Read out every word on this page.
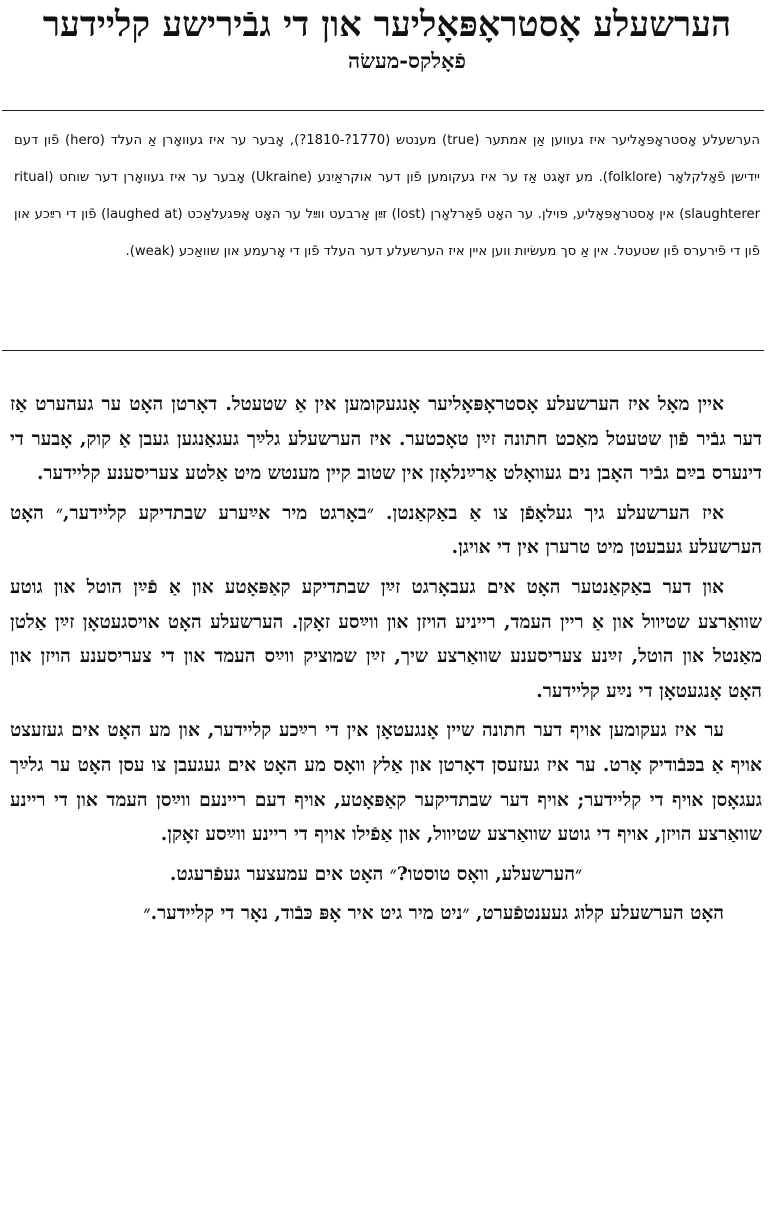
הערשעלע אָסטראָפּאָליער און די גבֿירישע קליידער
פֿאָלקס-מעשׂה
הערשעלע אָסטראָפּאָליער איז געווען אַן אמתער (true) מענטש (1770?-1810?), אָבער ער איז געוואָרן אַ העלד (hero) פֿון דעם ייִדישן פֿאָלקלאָר (folklore). מע זאָגט אַז ער איז געקומען פֿון דער אוקראַיִנע (Ukraine) אָבער ער איז געוואָרן דער שוחט (ritual slaughterer) אין אָסטראָפּאָליע, פּוילן. ער האָט פֿאַרלאָרן (lost) זײַן אַרבעט ווײַל ער האָט אָפּגעלאַכט (laughed at) פֿון די רײַכע און פֿון די פֿירערס פֿון שטעטל. אין אַ סך מעשׂיות ווען איין איז הערשעלע דער העלד פֿון די אָרעמע און שוואַכע (weak).

איין מאָל איז הערשעלע אָסטראָפּאָליער אָנגעקומען אין אַ שטעטל. דאָרטן האָט ער געהערט אַז דער גבֿיר פֿון שטעטל מאַכט חתונה זײַן טאָכטער. איז הערשעלע גלײַך געגאַנגען געבן אַ קוק, אָבער די דינערס בײַם גבֿיר האָבן נים געוואָלט אַרײַנלאָזן אין שטוב קיין מענטש מיט אַלטע צעריסענע קליידער.

איז הערשעלע גיך געלאָפֿן צו אַ באַקאַנטן. ״באָרגט מיר אײַערע שבתדיקע קליידער,״ האָט הערשעלע געבעטן מיט טרערן אין די אויגן.

און דער באַקאַנטער האָט אים געבאָרגט זײַן שבתדיקע קאַפּאָטע און אַ פֿײַן הוטל און גוטע שוואַרצע שטיוול און אַ ריין העמד, רייניע הויזן און ווײַסע זאָקן. הערשעלע האָט אויסגעטאָן זײַן אַלטן מאַנטל און הוטל, זײַנע צעריסענע שוואַרצע שיך, זײַן שמוציק ווײַס העמד און די צעריסענע הויזן און האָט אָנגעטאָן די נײַע קליידער.

ער איז געקומען אויף דער חתונה שיין אָנגעטאָן אין די רײַכע קליידער, און מע האָט אים געזעצט אויף אַ בכּבֿודיק אָרט. ער איז געזעסן דאָרטן און אַלץ וואָס מע האָט אים געגעבן צו עסן האָט ער גלײַך געגאָסן אויף די קליידער; אויף דער שבתדיקער קאַפּאָטע, אויף דעם ריינעם ווײַסן העמד און די ריינע שוואַרצע הויזן, אויף די גוטע שוואַרצע שטיוול, און אַפֿילו אויף די ריינע ווײַסע זאָקן.

״הערשעלע, וואָס טוסטו?״ האָט אים עמעצער געפֿרעגט.

האָט הערשעלע קלוג געענטפֿערט, ״ניט מיר גיט איר אָפּ כּבֿוד, נאָר די קליידער.״
